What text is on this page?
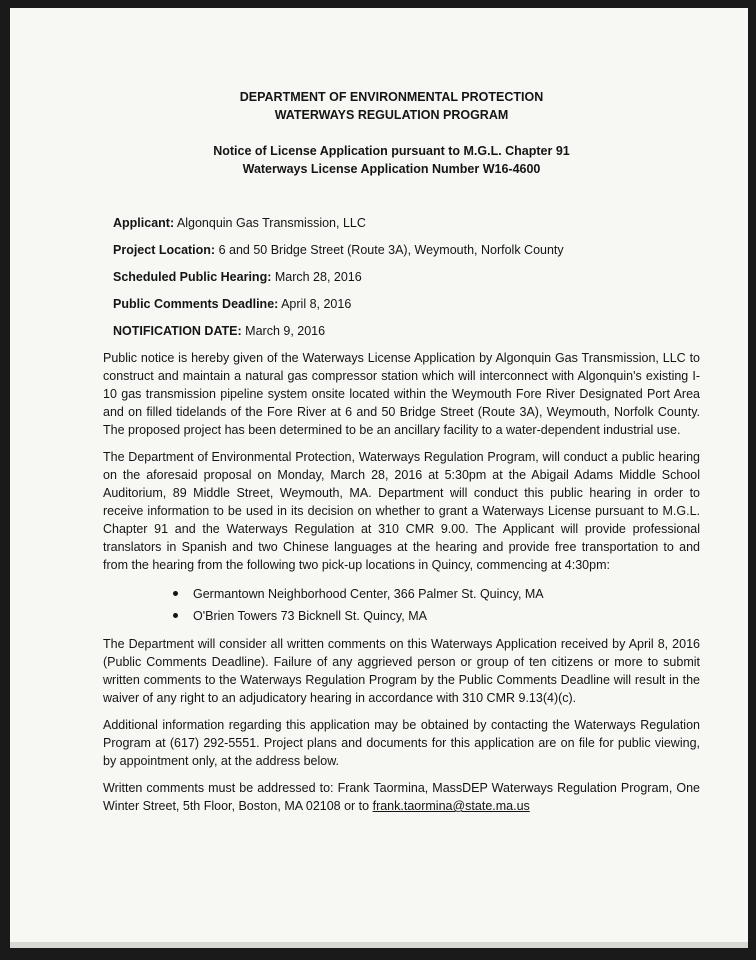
DEPARTMENT OF ENVIRONMENTAL PROTECTION
WATERWAYS REGULATION PROGRAM
Notice of License Application pursuant to M.G.L. Chapter 91
Waterways License Application Number W16-4600
Applicant: Algonquin Gas Transmission, LLC
Project Location: 6 and 50 Bridge Street (Route 3A), Weymouth, Norfolk County
Scheduled Public Hearing: March 28, 2016
Public Comments Deadline: April 8, 2016
NOTIFICATION DATE: March 9, 2016

Public notice is hereby given of the Waterways License Application by Algonquin Gas Transmission, LLC to construct and maintain a natural gas compressor station which will interconnect with Algonquin's existing I-10 gas transmission pipeline system onsite located within the Weymouth Fore River Designated Port Area and on filled tidelands of the Fore River at 6 and 50 Bridge Street (Route 3A), Weymouth, Norfolk County. The proposed project has been determined to be an ancillary facility to a water-dependent industrial use.

The Department of Environmental Protection, Waterways Regulation Program, will conduct a public hearing on the aforesaid proposal on Monday, March 28, 2016 at 5:30pm at the Abigail Adams Middle School Auditorium, 89 Middle Street, Weymouth, MA. Department will conduct this public hearing in order to receive information to be used in its decision on whether to grant a Waterways License pursuant to M.G.L. Chapter 91 and the Waterways Regulation at 310 CMR 9.00. The Applicant will provide professional translators in Spanish and two Chinese languages at the hearing and provide free transportation to and from the hearing from the following two pick-up locations in Quincy, commencing at 4:30pm:

Germantown Neighborhood Center, 366 Palmer St. Quincy, MA
O'Brien Towers 73 Bicknell St. Quincy, MA

The Department will consider all written comments on this Waterways Application received by April 8, 2016 (Public Comments Deadline). Failure of any aggrieved person or group of ten citizens or more to submit written comments to the Waterways Regulation Program by the Public Comments Deadline will result in the waiver of any right to an adjudicatory hearing in accordance with 310 CMR 9.13(4)(c).

Additional information regarding this application may be obtained by contacting the Waterways Regulation Program at (617) 292-5551. Project plans and documents for this application are on file for public viewing, by appointment only, at the address below.

Written comments must be addressed to: Frank Taormina, MassDEP Waterways Regulation Program, One Winter Street, 5th Floor, Boston, MA 02108 or to frank.taormina@state.ma.us
